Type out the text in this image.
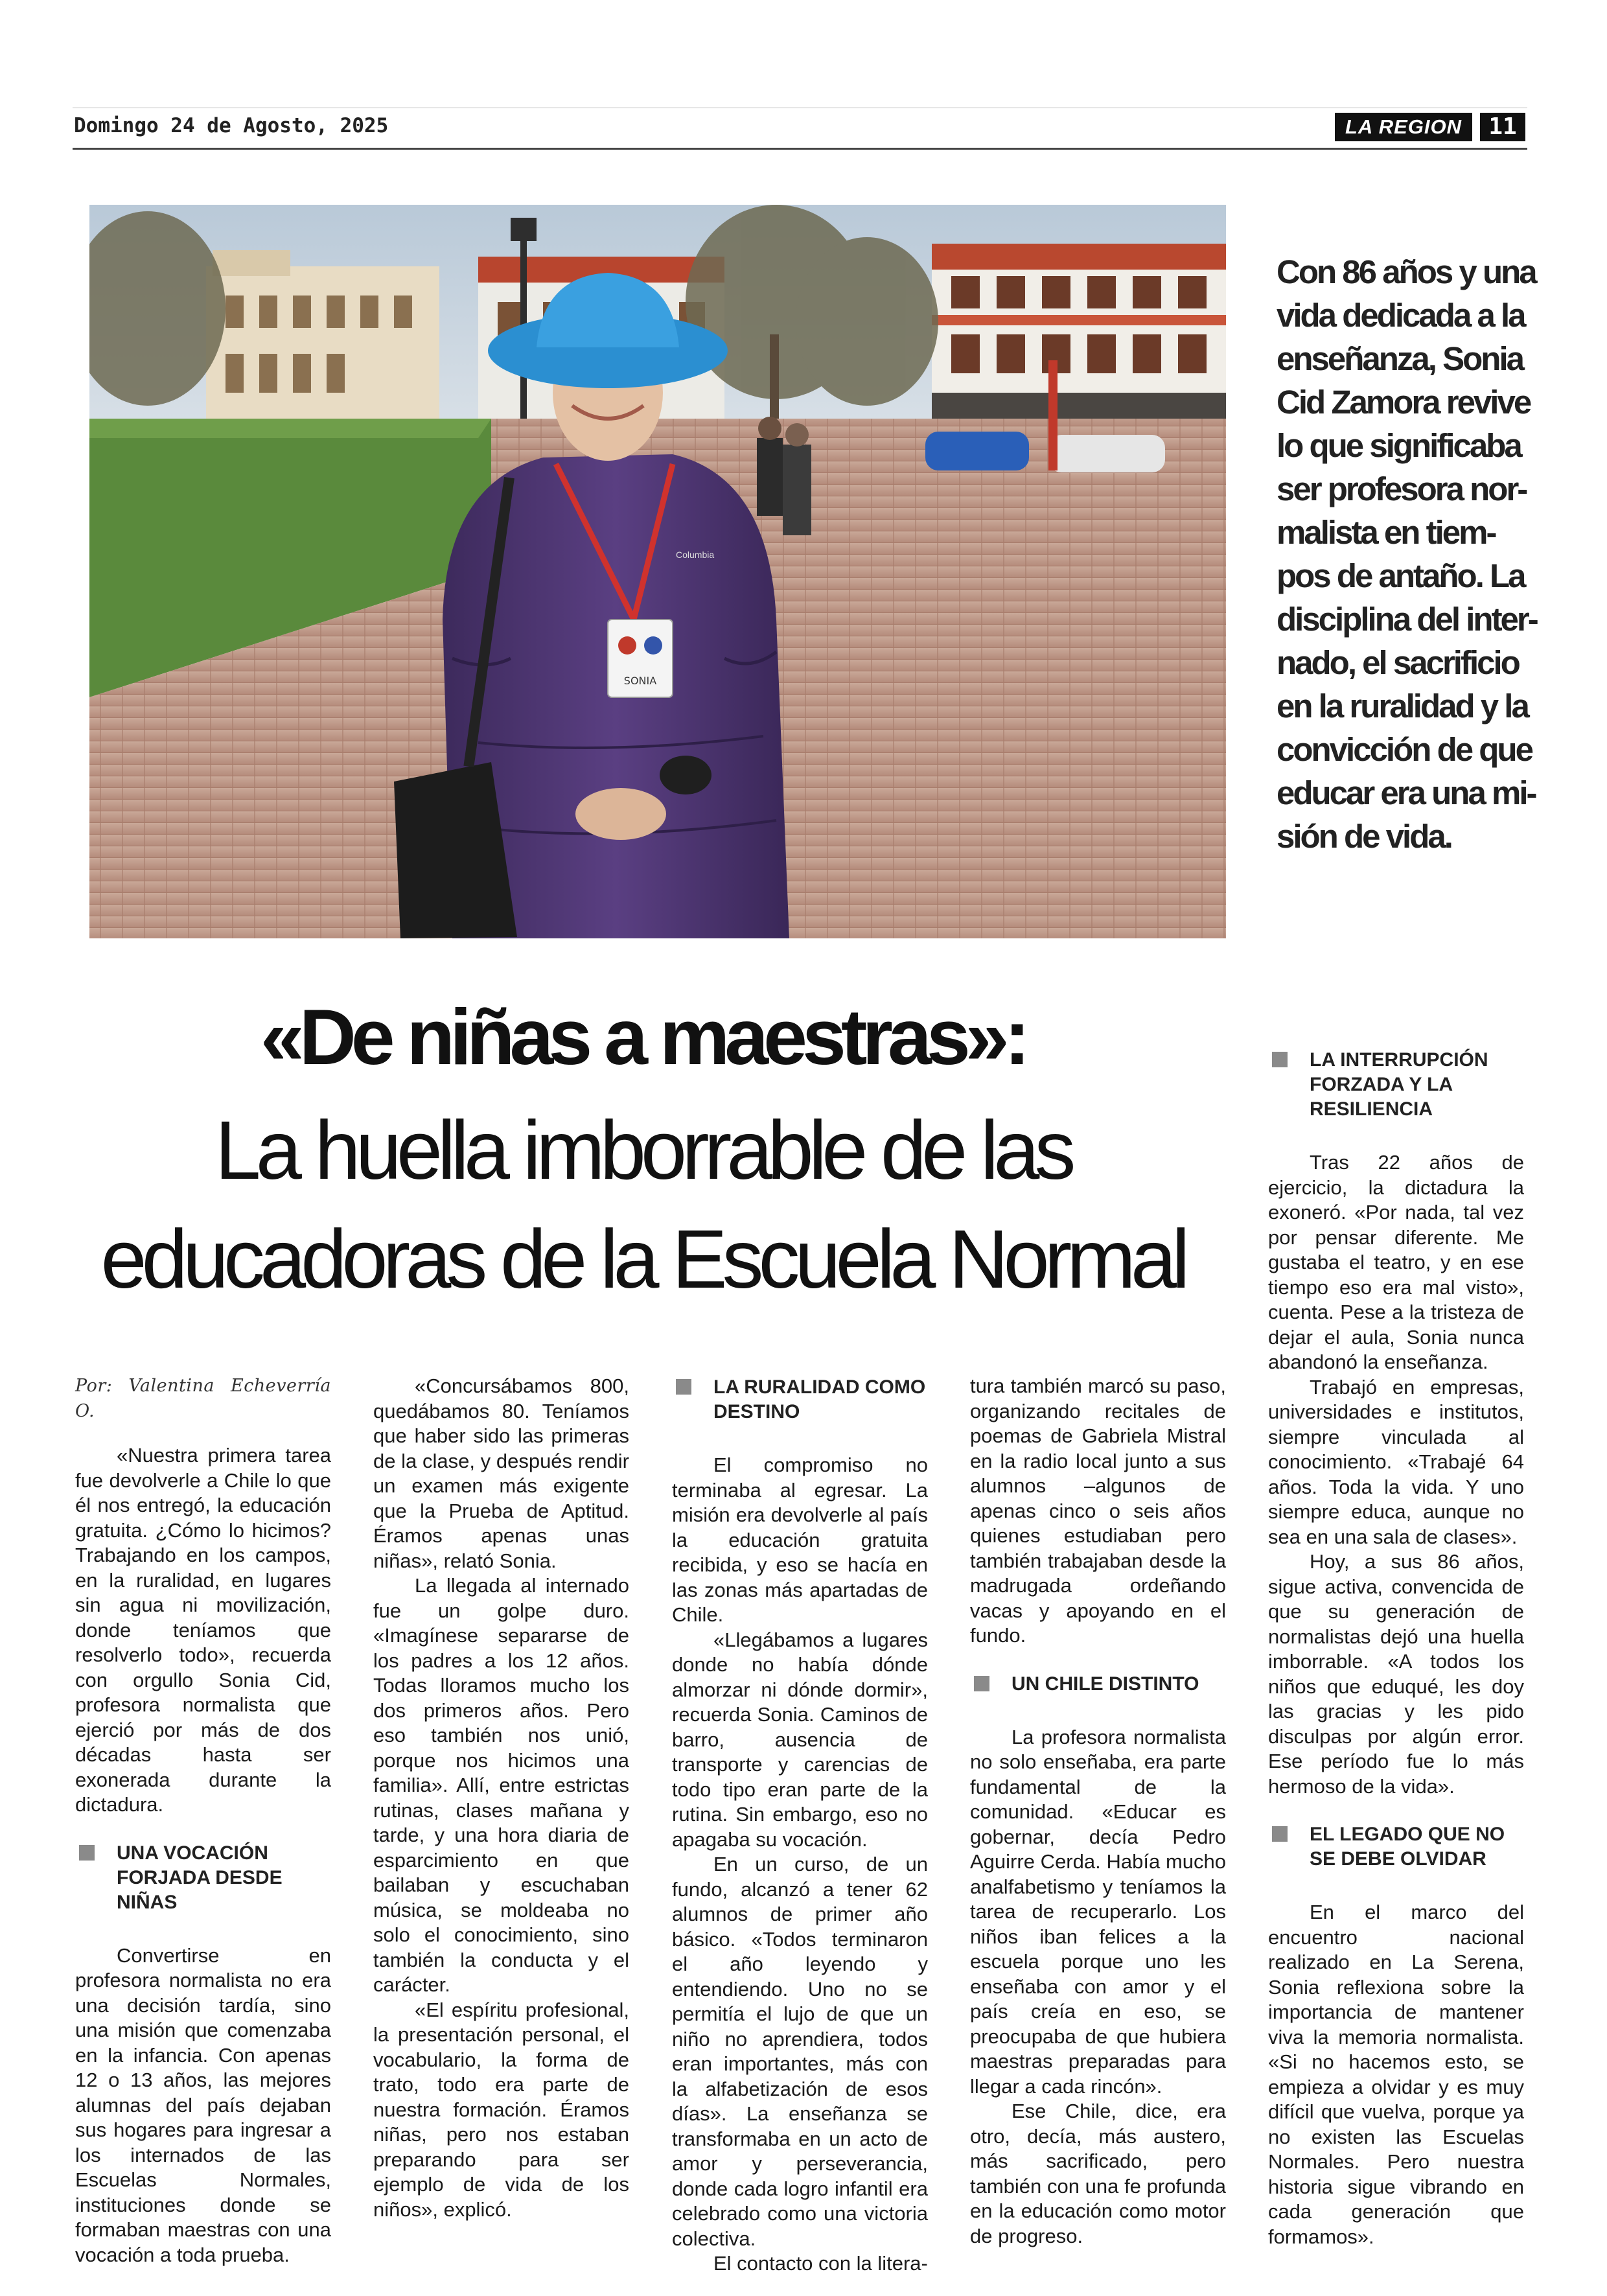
Domingo 24 de Agosto, 2025	LA REGION	11
SONIA
Columbia
Con 86 años y una
vida dedicada a la
enseñanza, Sonia
Cid Zamora revive
lo que significaba
ser profesora nor-
malista en tiem-
pos de antaño. La
disciplina del inter-
nado, el sacrificio
en la ruralidad y la
convicción de que
educar era una mi-
sión de vida.
«De niñas a maestras»:
La huella imborrable de las
educadoras de la Escuela Normal
Por: Valentina Echeverría O.

«Nuestra primera tarea fue devolverle a Chile lo que él nos entregó, la educación gratuita. ¿Cómo lo hicimos? Trabajando en los campos, en la ruralidad, en lugares sin agua ni movilización, donde teníamos que resolverlo todo», recuerda con orgullo Sonia Cid, profesora normalista que ejerció por más de dos décadas hasta ser exonerada durante la dictadura.

UNA VOCACIÓN FORJADA DESDE NIÑAS

Convertirse en profesora normalista no era una decisión tardía, sino una misión que comenzaba en la infancia. Con apenas 12 o 13 años, las mejores alumnas del país dejaban sus hogares para ingresar a los internados de las Escuelas Normales, instituciones donde se formaban maestras con una vocación a toda prueba.

«Concursábamos 800, quedábamos 80. Teníamos que haber sido las primeras de la clase, y después rendir un examen más exigente que la Prueba de Aptitud. Éramos apenas unas niñas», relató Sonia.

La llegada al internado fue un golpe duro. «Imagínese separarse de los padres a los 12 años. Todas lloramos mucho los dos primeros años. Pero eso también nos unió, porque nos hicimos una familia». Allí, entre estrictas rutinas, clases mañana y tarde, y una hora diaria de esparcimiento en que bailaban y escuchaban música, se moldeaba no solo el conocimiento, sino también la conducta y el carácter.

«El espíritu profesional, la presentación personal, el vocabulario, la forma de trato, todo era parte de nuestra formación. Éramos niñas, pero nos estaban preparando para ser ejemplo de vida de los niños», explicó.

LA RURALIDAD COMO DESTINO

El compromiso no terminaba al egresar. La misión era devolverle al país la educación gratuita recibida, y eso se hacía en las zonas más apartadas de Chile.

«Llegábamos a lugares donde no había dónde almorzar ni dónde dormir», recuerda Sonia. Caminos de barro, ausencia de transporte y carencias de todo tipo eran parte de la rutina. Sin embargo, eso no apagaba su vocación.

En un curso, de un fundo, alcanzó a tener 62 alumnos de primer año básico. «Todos terminaron el año leyendo y entendiendo. Uno no se permitía el lujo de que un niño no aprendiera, todos eran importantes, más con la alfabetización de esos días». La enseñanza se transformaba en un acto de amor y perseverancia, donde cada logro infantil era celebrado como una victoria colectiva.

El contacto con la litera-

tura también marcó su paso, organizando recitales de poemas de Gabriela Mistral en la radio local junto a sus alumnos –algunos de apenas cinco o seis años quienes estudiaban pero también trabajaban desde la madrugada ordeñando vacas y apoyando en el fundo.

UN CHILE DISTINTO

La profesora normalista no solo enseñaba, era parte fundamental de la comunidad. «Educar es gobernar, decía Pedro Aguirre Cerda. Había mucho analfabetismo y teníamos la tarea de recuperarlo. Los niños iban felices a la escuela porque uno les enseñaba con amor y el país creía en eso, se preocupaba de que hubiera maestras preparadas para llegar a cada rincón».

Ese Chile, dice, era otro, decía, más austero, más sacrificado, pero también con una fe profunda en la educación como motor de progreso.

LA INTERRUPCIÓN FORZADA Y LA RESILIENCIA

Tras 22 años de ejercicio, la dictadura la exoneró. «Por nada, tal vez por pensar diferente. Me gustaba el teatro, y en ese tiempo eso era mal visto», cuenta. Pese a la tristeza de dejar el aula, Sonia nunca abandonó la enseñanza.

Trabajó en empresas, universidades e institutos, siempre vinculada al conocimiento. «Trabajé 64 años. Toda la vida. Y uno siempre educa, aunque no sea en una sala de clases».

Hoy, a sus 86 años, sigue activa, convencida de que su generación de normalistas dejó una huella imborrable. «A todos los niños que eduqué, les doy las gracias y les pido disculpas por algún error. Ese período fue lo más hermoso de la vida».

EL LEGADO QUE NO SE DEBE OLVIDAR

En el marco del encuentro nacional realizado en La Serena, Sonia reflexiona sobre la importancia de mantener viva la memoria normalista. «Si no hacemos esto, se empieza a olvidar y es muy difícil que vuelva, porque ya no existen las Escuelas Normales. Pero nuestra historia sigue vibrando en cada generación que formamos».
